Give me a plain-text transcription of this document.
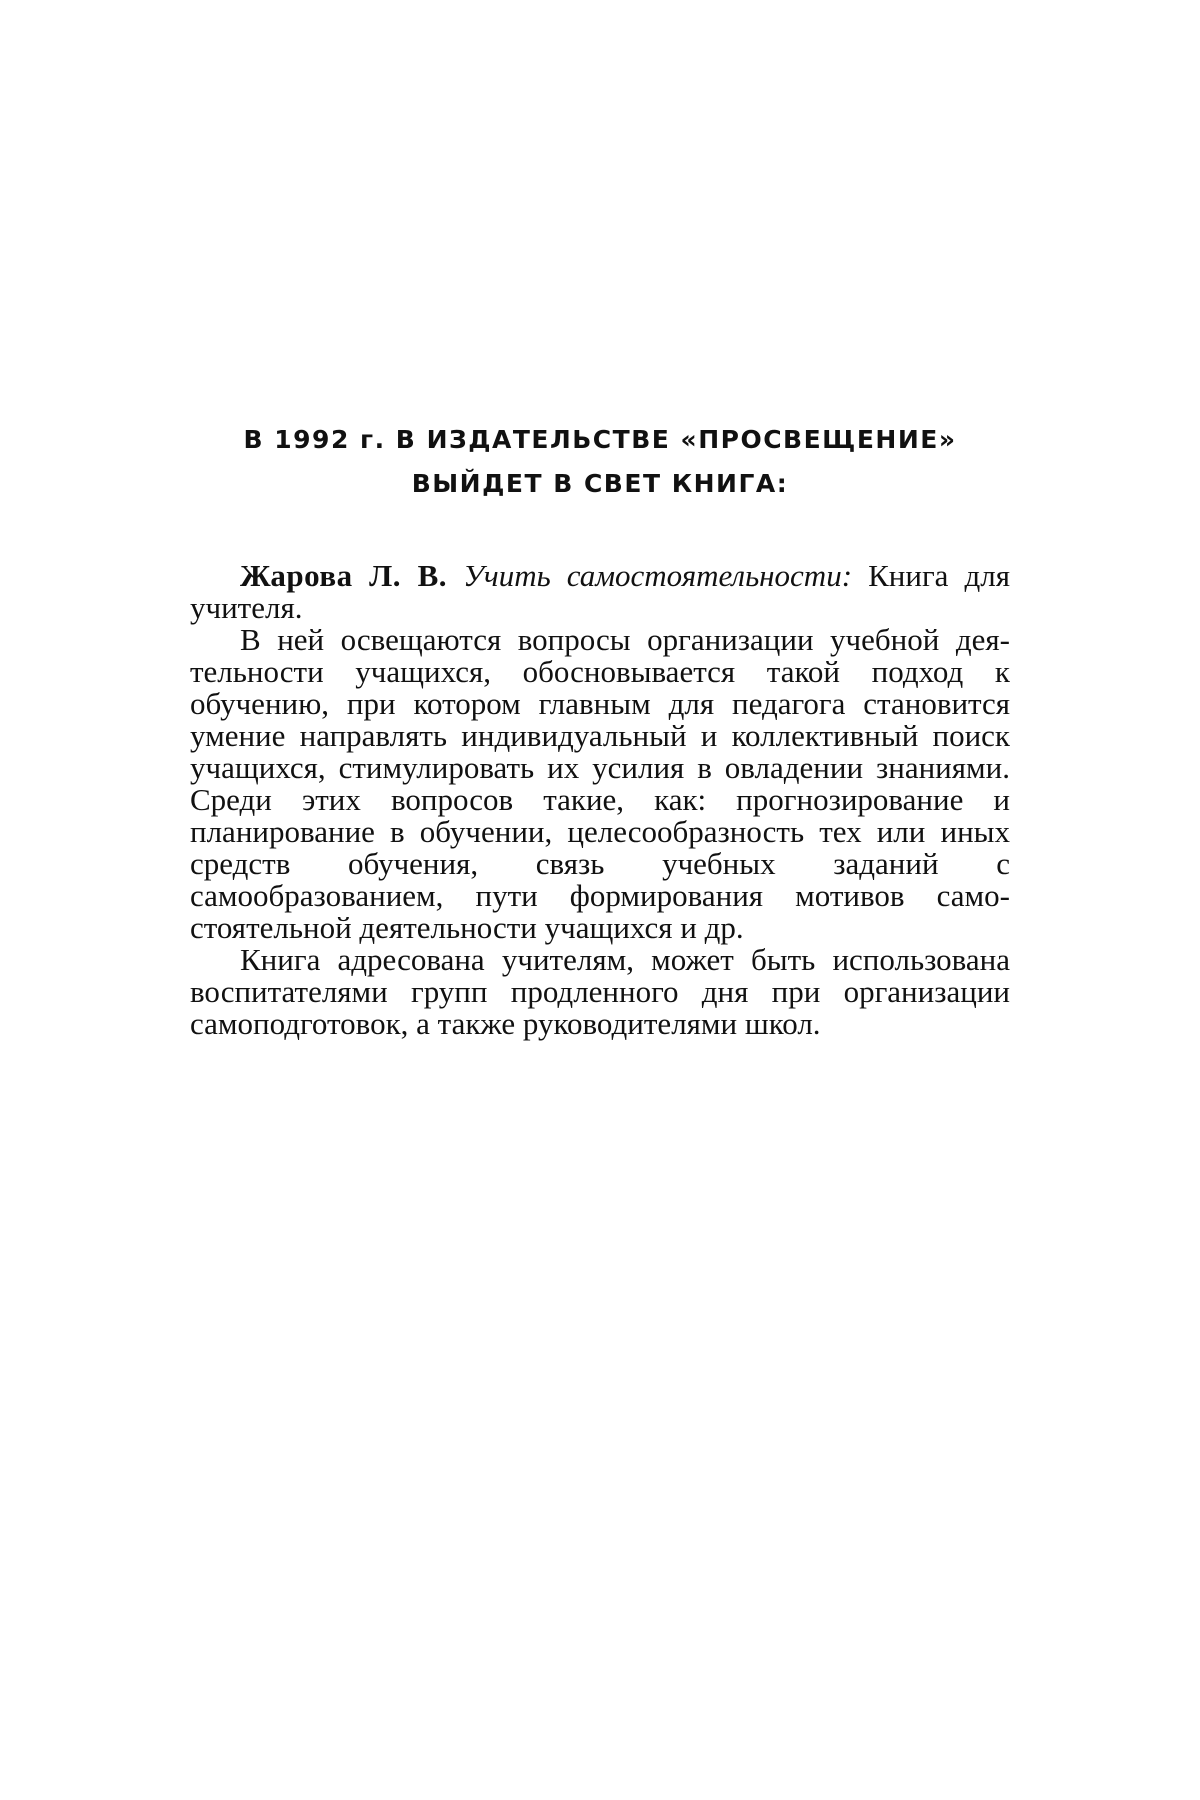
В 1992 г. В ИЗДАТЕЛЬСТВЕ «ПРОСВЕЩЕНИЕ»
ВЫЙДЕТ В СВЕТ КНИГА:

Жарова Л. В. Учить самостоятельности: Книга для учителя.

В ней освещаются вопросы организации учебной деятельности учащихся, обосновывается такой подход к обучению, при котором главным для педагога становится умение направлять индивидуальный и коллективный поиск учащихся, стимулировать их усилия в овладении знаниями. Среди этих вопросов такие, как: прогнозирование и планирование в обучении, целесообразность тех или иных средств обучения, связь учебных заданий с самообразованием, пути формирования мотивов самостоятельной деятельности учащихся и др.

Книга адресована учителям, может быть использована воспитателями групп продленного дня при организации самоподготовок, а также руководителями школ.
